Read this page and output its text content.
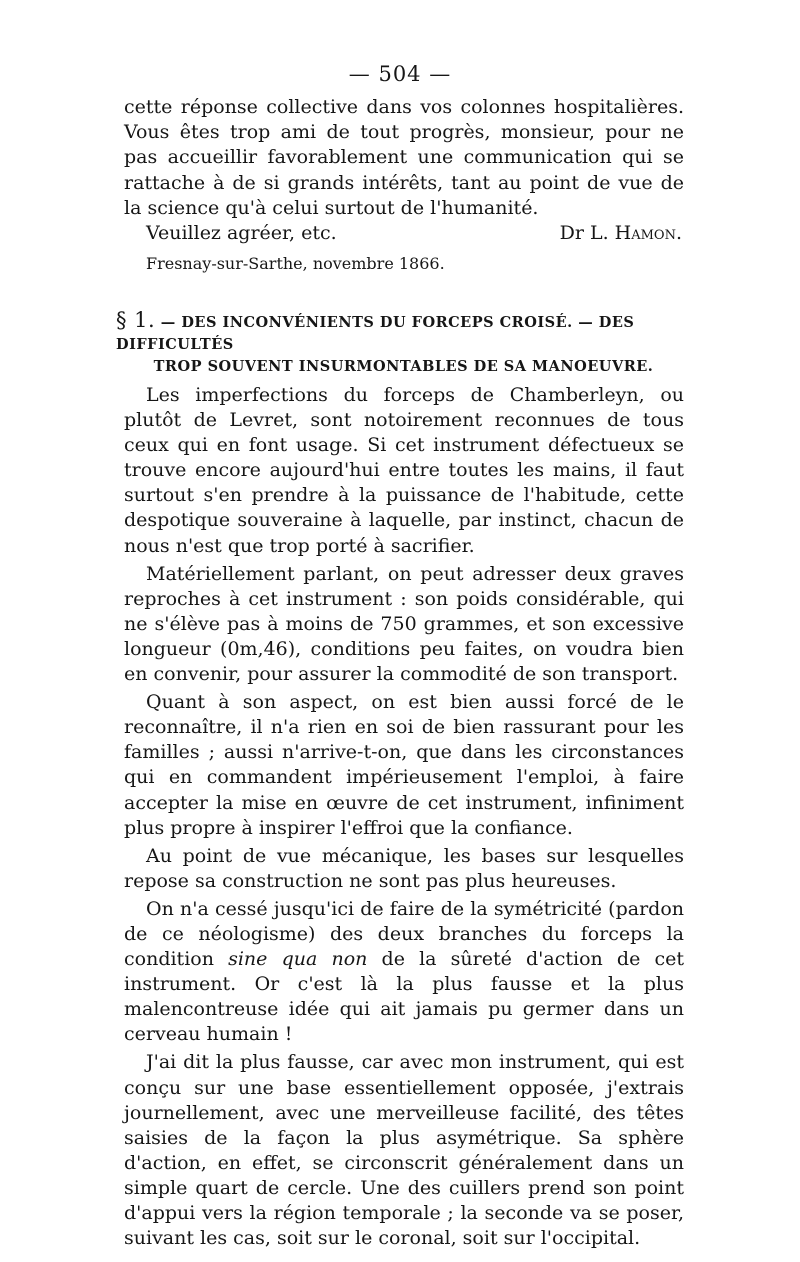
— 504 —

cette réponse collective dans vos colonnes hospitalières. Vous êtes trop ami de tout progrès, monsieur, pour ne pas accueillir favorablement une communication qui se rattache à de si grands intérêts, tant au point de vue de la science qu'à celui surtout de l'humanité.

Veuillez agréer, etc.	Dr L. Hamon.

Fresnay-sur-Sarthe, novembre 1866.

§ 1. — DES INCONVÉNIENTS DU FORCEPS CROISÉ. — DES DIFFICULTÉS
TROP SOUVENT INSURMONTABLES DE SA MANOEUVRE.

Les imperfections du forceps de Chamberleyn, ou plutôt de Levret, sont notoirement reconnues de tous ceux qui en font usage. Si cet instrument défectueux se trouve encore aujourd'hui entre toutes les mains, il faut surtout s'en prendre à la puissance de l'habitude, cette despotique souveraine à laquelle, par instinct, chacun de nous n'est que trop porté à sacrifier.

Matériellement parlant, on peut adresser deux graves reproches à cet instrument : son poids considérable, qui ne s'élève pas à moins de 750 grammes, et son excessive longueur (0m,46), conditions peu faites, on voudra bien en convenir, pour assurer la commodité de son transport.

Quant à son aspect, on est bien aussi forcé de le reconnaître, il n'a rien en soi de bien rassurant pour les familles ; aussi n'arrive-t-on, que dans les circonstances qui en commandent impérieusement l'emploi, à faire accepter la mise en œuvre de cet instrument, infiniment plus propre à inspirer l'effroi que la confiance.

Au point de vue mécanique, les bases sur lesquelles repose sa construction ne sont pas plus heureuses.

On n'a cessé jusqu'ici de faire de la symétricité (pardon de ce néologisme) des deux branches du forceps la condition sine qua non de la sûreté d'action de cet instrument. Or c'est là la plus fausse et la plus malencontreuse idée qui ait jamais pu germer dans un cerveau humain !

J'ai dit la plus fausse, car avec mon instrument, qui est conçu sur une base essentiellement opposée, j'extrais journellement, avec une merveilleuse facilité, des têtes saisies de la façon la plus asymétrique. Sa sphère d'action, en effet, se circonscrit généralement dans un simple quart de cercle. Une des cuillers prend son point d'appui vers la région temporale ; la seconde va se poser, suivant les cas, soit sur le coronal, soit sur l'occipital.
